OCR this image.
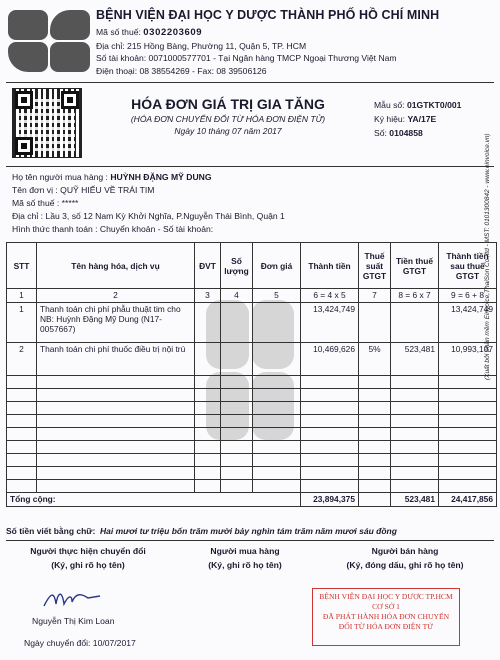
BỆNH VIỆN ĐẠI HỌC Y DƯỢC THÀNH PHỐ HỒ CHÍ MINH
Mã số thuế: 0302203609
Địa chỉ: 215 Hồng Bàng, Phường 11, Quận 5, TP. HCM
Số tài khoản: 0071000577701 - Tại Ngân hàng TMCP Ngoại Thương Việt Nam
Điện thoại: 08 38554269 - Fax: 08 39506126
HÓA ĐƠN GIÁ TRỊ GIA TĂNG
(HÓA ĐƠN CHUYỂN ĐỔI TỪ HÓA ĐƠN ĐIỆN TỬ)
Ngày 10 tháng 07 năm 2017
Mẫu số: 01GTKT0/001
Ký hiệu: YA/17E
Số: 0104858
Họ tên người mua hàng : HUỲNH ĐẶNG MỸ DUNG
Tên đơn vị : QUỸ HIẾU VỀ TRÁI TIM
Mã số thuế : *****
Địa chỉ : Lầu 3, số 12 Nam Kỳ Khởi Nghĩa, P.Nguyễn Thái Bình, Quận 1
Hình thức thanh toán : Chuyển khoản - Số tài khoản:
STT	Tên hàng hóa, dịch vụ	ĐVT	Số lượng	Đơn giá	Thành tiền	Thuế suất GTGT	Tiền thuế GTGT	Thành tiền sau thuế GTGT
1	2	3	4	5	6 = 4 x 5	7	8 = 6 x 7	9 = 6 + 8
1	Thanh toán chi phí phẫu thuật tim cho NB: Huỳnh Đặng Mỹ Dung (N17-0057667)				13,424,749			13,424,749
2	Thanh toán chi phí thuốc điều trị nội trú				10,469,626	5%	523,481	10,993,107

Tổng cộng:					23,894,375		523,481	24,417,856
Số tiền viết bằng chữ: Hai mươi tư triệu bốn trăm mười bảy nghìn tám trăm năm mươi sáu đồng
Người thực hiện chuyển đổi
(Ký, ghi rõ họ tên)
Người mua hàng
(Ký, ghi rõ họ tên)
Người bán hàng
(Ký, đóng dấu, ghi rõ họ tên)
Nguyễn Thị Kim Loan
Ngày chuyển đổi: 10/07/2017
BỆNH VIỆN ĐẠI HỌC Y DƯỢC TP.HCM
CƠ SỞ 1
ĐÃ PHÁT HÀNH HÓA ĐƠN CHUYỂN
ĐỔI TỪ HÓA ĐƠN ĐIỆN TỬ
(Xuất bởi phần mềm Einvoice,ThaiSon Co.,ltd - MST: 0101300842 - www.einvoice.vn)
